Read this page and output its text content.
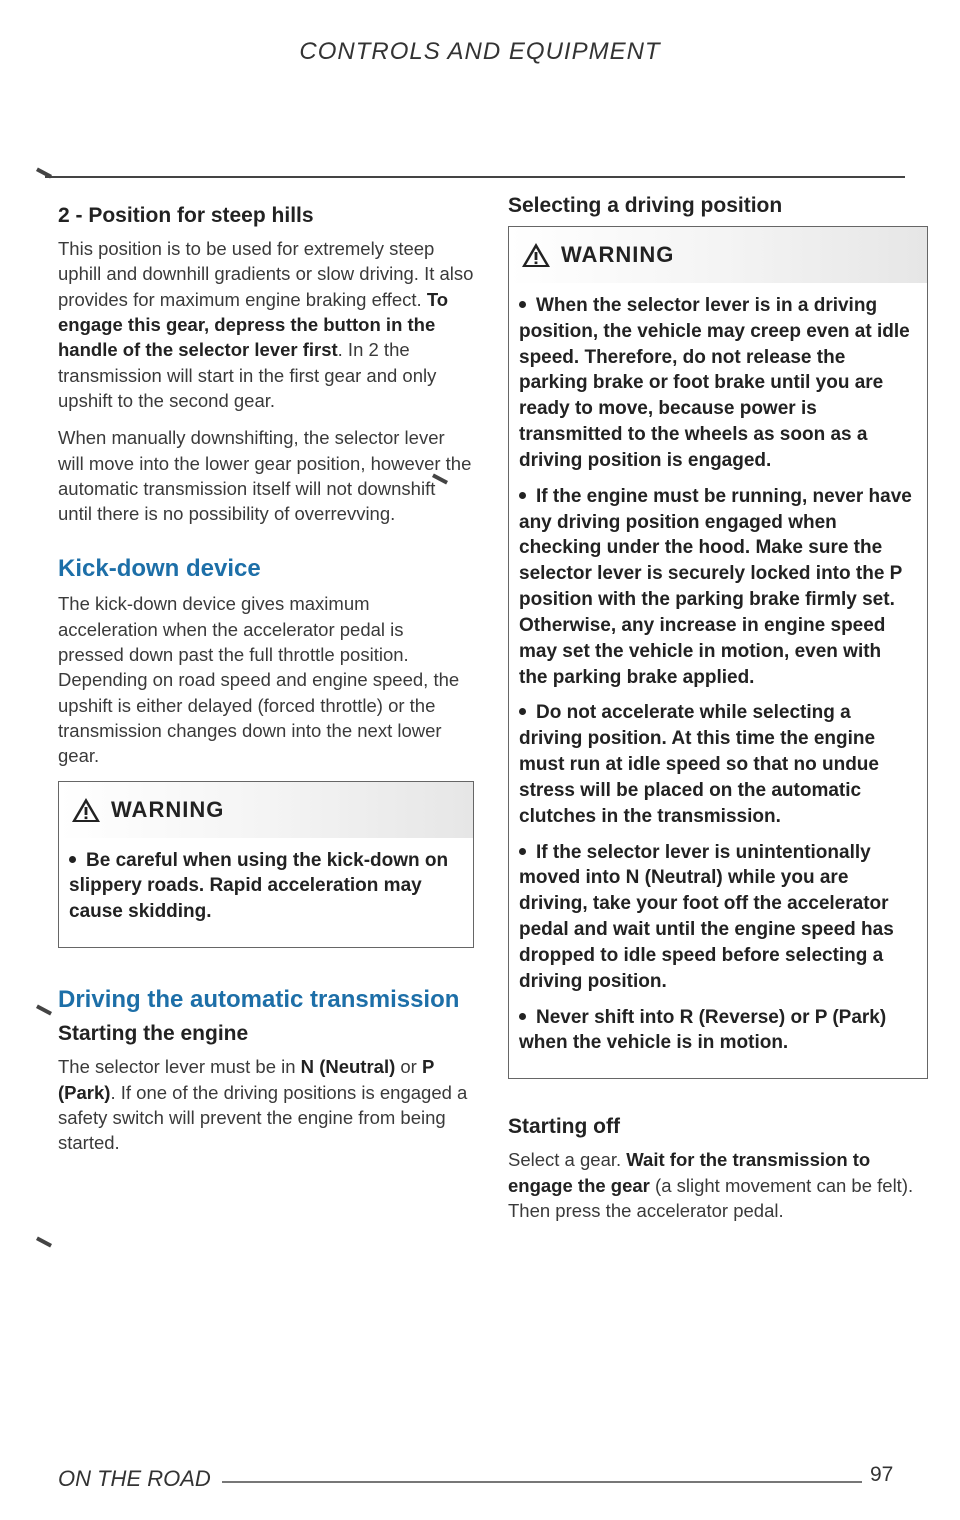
CONTROLS AND EQUIPMENT
2 - Position for steep hills

This position is to be used for extremely steep uphill and downhill gradients or slow driving. It also provides for maximum engine braking effect. To engage this gear, depress the button in the handle of the selector lever first. In 2 the transmission will start in the first gear and only upshift to the second gear.

When manually downshifting, the selector lever will move into the lower gear position, however the automatic transmission itself will not downshift until there is no possibility of overrevving.

Kick-down device

The kick-down device gives maximum acceleration when the accelerator pedal is pressed down past the full throttle position. Depending on road speed and engine speed, the upshift is either delayed (forced throttle) or the transmission changes down into the next lower gear.

WARNING
Be careful when using the kick-down on slippery roads. Rapid acceleration may cause skidding.
Driving the automatic transmission
Starting the engine

The selector lever must be in N (Neutral) or P (Park). If one of the driving positions is engaged a safety switch will prevent the engine from being started.

Selecting a driving position
WARNING
When the selector lever is in a driving position, the vehicle may creep even at idle speed. Therefore, do not release the parking brake or foot brake until you are ready to move, because power is transmitted to the wheels as soon as a driving position is engaged.
If the engine must be running, never have any driving position engaged when checking under the hood. Make sure the selector lever is securely locked into the P position with the parking brake firmly set. Otherwise, any increase in engine speed may set the vehicle in motion, even with the parking brake applied.
Do not accelerate while selecting a driving position. At this time the engine must run at idle speed so that no undue stress will be placed on the automatic clutches in the transmission.
If the selector lever is unintentionally moved into N (Neutral) while you are driving, take your foot off the accelerator pedal and wait until the engine speed has dropped to idle speed before selecting a driving position.
Never shift into R (Reverse) or P (Park) when the vehicle is in motion.
Starting off

Select a gear. Wait for the transmission to engage the gear (a slight movement can be felt). Then press the accelerator pedal.

ON THE ROAD	97
